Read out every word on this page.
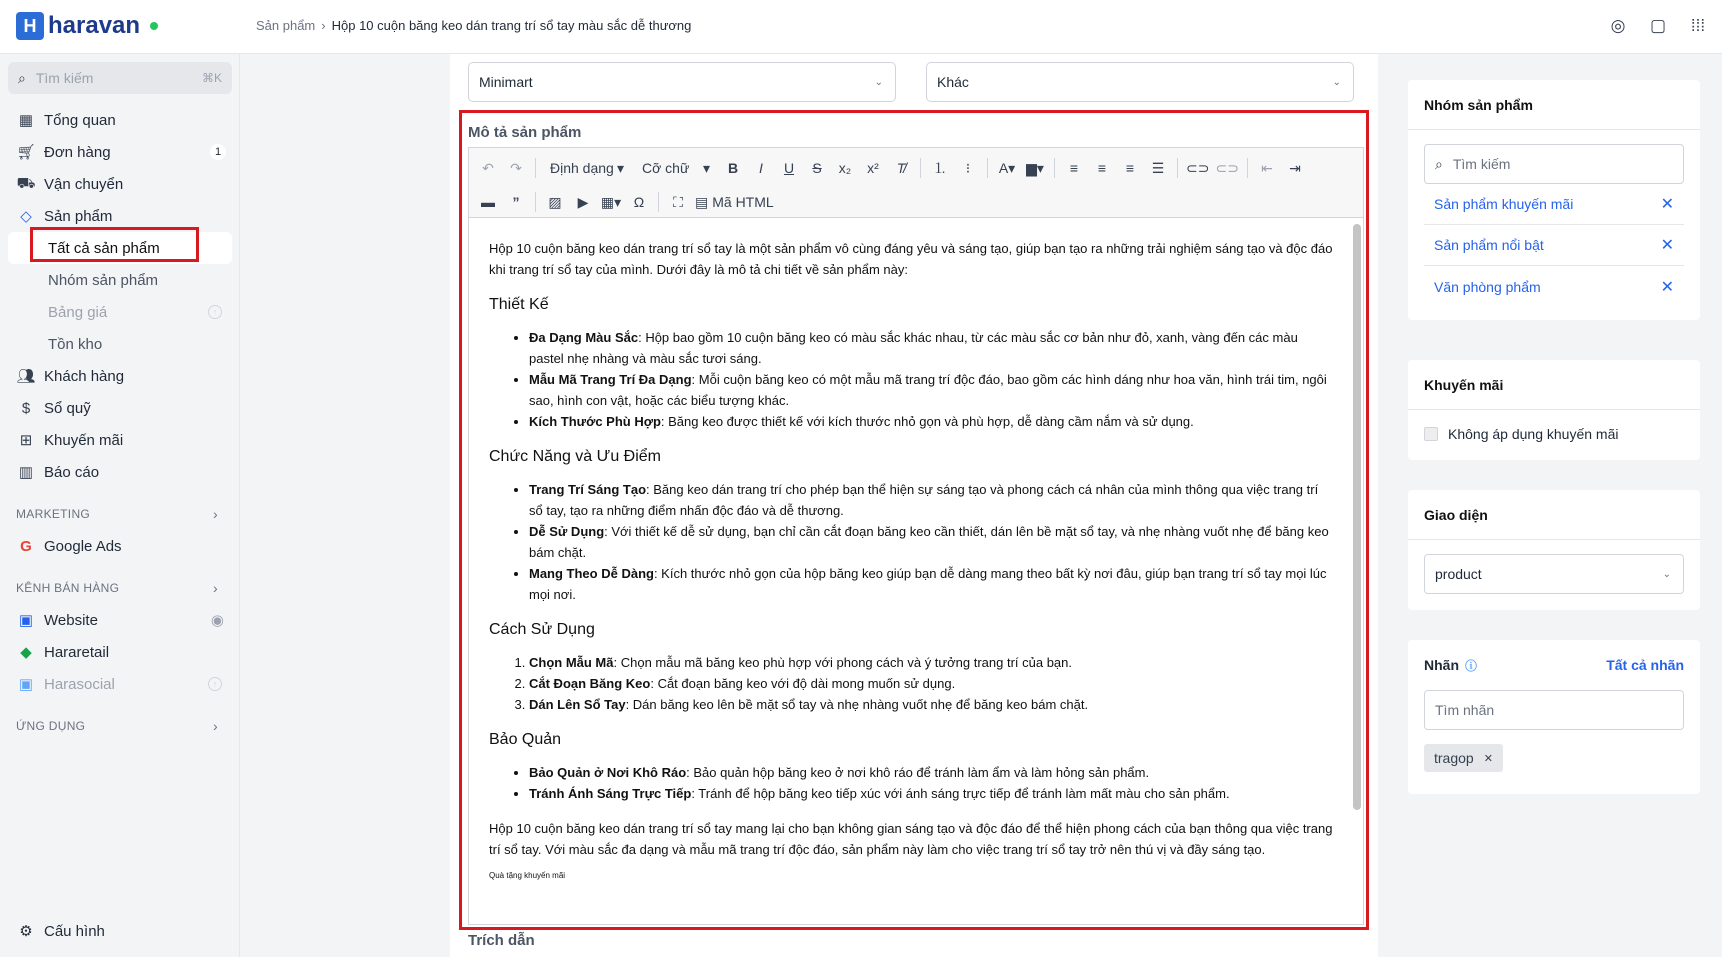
H haravan	Sản phẩm › Hộp 10 cuộn băng keo dán trang trí sổ tay màu sắc dễ thương	◎ ▢ ⁞⁞⁞
⌕ Tìm kiếm	⌘K
▦ Tổng quan
🛒︎ Đơn hàng	1
⛟ Vận chuyển
◇ Sản phẩm
Tất cả sản phẩm
Nhóm sản phẩm
Bảng giá	↑
Tồn kho
👥︎ Khách hàng
$ Sổ quỹ
⊞ Khuyến mãi
▥ Báo cáo
MARKETING	›
G Google Ads
KÊNH BÁN HÀNG	›
▣ Website	◉
◆ Hararetail
▣ Harasocial	↑
ỨNG DỤNG	›
⚙ Cấu hình
Minimart	⌄	Khác	⌄
Mô tả sản phẩm
↶	↷	Định dạng ▾ Cỡ chữ ▾	B	I	U	S	x₂	x²	T̸	⒈	⁝	A▾ ▆▾	≡	≡	≡	☰	⊂⊃ ⊂⊃	⇤	⇥
▬	”	▨	▶ ▦▾ Ω	⛶ ▤ Mã HTML

Hộp 10 cuộn băng keo dán trang trí sổ tay là một sản phẩm vô cùng đáng yêu và sáng tạo, giúp bạn tạo ra những trải nghiệm sáng tạo và độc đáo khi trang trí sổ tay của mình. Dưới đây là mô tả chi tiết về sản phẩm này:

Thiết Kế
• Đa Dạng Màu Sắc: Hộp bao gồm 10 cuộn băng keo có màu sắc khác nhau, từ các màu sắc cơ bản như đỏ, xanh, vàng đến các màu pastel nhẹ nhàng và màu sắc tươi sáng.
• Mẫu Mã Trang Trí Đa Dạng: Mỗi cuộn băng keo có một mẫu mã trang trí độc đáo, bao gồm các hình dáng như hoa văn, hình trái tim, ngôi sao, hình con vật, hoặc các biểu tượng khác.
• Kích Thước Phù Hợp: Băng keo được thiết kế với kích thước nhỏ gọn và phù hợp, dễ dàng cầm nắm và sử dụng.
Chức Năng và Ưu Điểm
• Trang Trí Sáng Tạo: Băng keo dán trang trí cho phép bạn thể hiện sự sáng tạo và phong cách cá nhân của mình thông qua việc trang trí sổ tay, tạo ra những điểm nhấn độc đáo và dễ thương.
• Dễ Sử Dụng: Với thiết kế dễ sử dụng, bạn chỉ cần cắt đoạn băng keo cần thiết, dán lên bề mặt sổ tay, và nhẹ nhàng vuốt nhẹ để băng keo bám chặt.
• Mang Theo Dễ Dàng: Kích thước nhỏ gọn của hộp băng keo giúp bạn dễ dàng mang theo bất kỳ nơi đâu, giúp bạn trang trí sổ tay mọi lúc mọi nơi.
Cách Sử Dụng
1. Chọn Mẫu Mã: Chọn mẫu mã băng keo phù hợp với phong cách và ý tưởng trang trí của bạn.
2. Cắt Đoạn Băng Keo: Cắt đoạn băng keo với độ dài mong muốn sử dụng.
3. Dán Lên Sổ Tay: Dán băng keo lên bề mặt sổ tay và nhẹ nhàng vuốt nhẹ để băng keo bám chặt.
Bảo Quản
• Bảo Quản ở Nơi Khô Ráo: Bảo quản hộp băng keo ở nơi khô ráo để tránh làm ẩm và làm hỏng sản phẩm.
• Tránh Ánh Sáng Trực Tiếp: Tránh để hộp băng keo tiếp xúc với ánh sáng trực tiếp để tránh làm mất màu cho sản phẩm.

Hộp 10 cuộn băng keo dán trang trí sổ tay mang lại cho bạn không gian sáng tạo và độc đáo để thể hiện phong cách của bạn thông qua việc trang trí sổ tay. Với màu sắc đa dạng và mẫu mã trang trí độc đáo, sản phẩm này làm cho việc trang trí sổ tay trở nên thú vị và đầy sáng tạo.

Quà tặng khuyến mãi

Trích dẫn
Nhóm sản phẩm
⌕ Tìm kiếm
Sản phẩm khuyến mãi	✕
Sản phẩm nổi bật	✕
Văn phòng phẩm	✕
Khuyến mãi
Không áp dụng khuyến mãi
Giao diện
product	⌄
Nhãn ⓘ	Tất cả nhãn
Tìm nhãn
tragop ✕
